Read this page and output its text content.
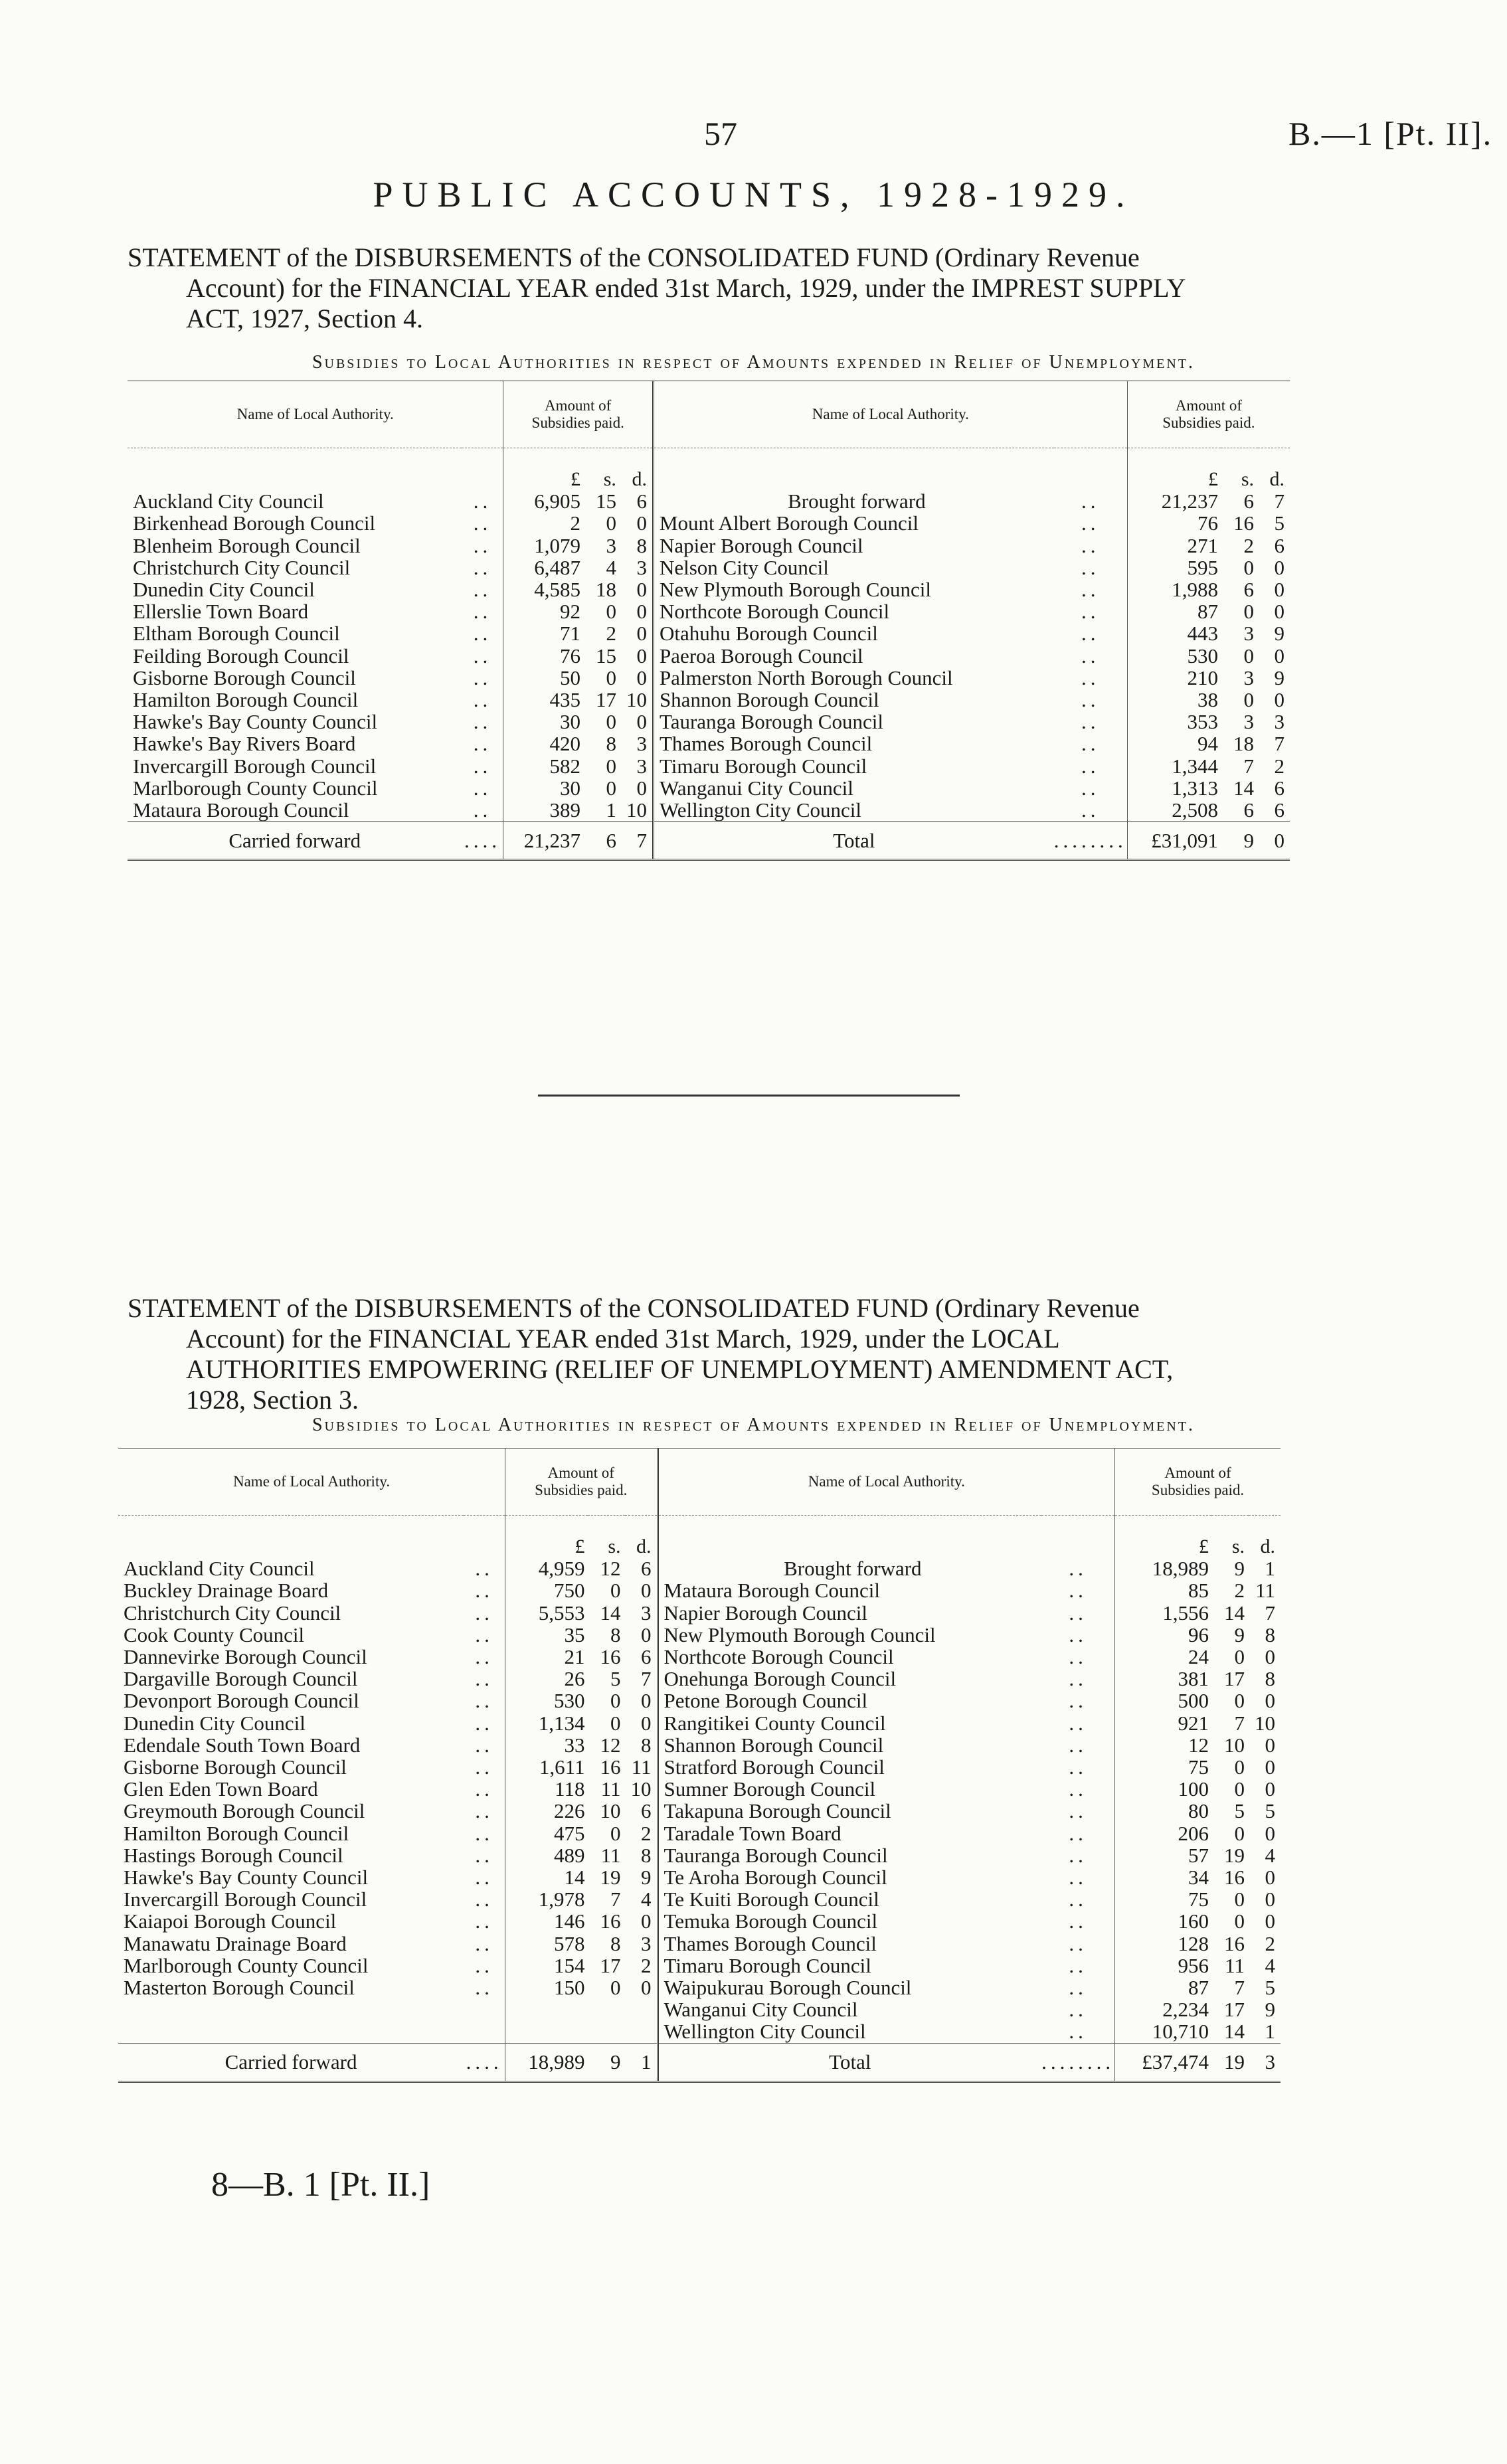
57	B.—1 [Pt. II].
PUBLIC ACCOUNTS, 1928-1929.
STATEMENT of the DISBURSEMENTS of the CONSOLIDATED FUND (Ordinary Revenue
Account) for the FINANCIAL YEAR ended 31st March, 1929, under the IMPREST SUPPLY
ACT, 1927, Section 4.
Subsidies to Local Authorities in respect of Amounts expended in Relief of Unemployment.
Name of Local Authority.		Amount of
Subsidies paid.			Name of Local Authority.		Amount of
Subsidies paid.		

		£	s.	d.			£	s.	d.
Auckland City Council	..	6,905	15	6	Brought forward	..	21,237	6	7
Birkenhead Borough Council	..	2	0	0	Mount Albert Borough Council	..	76	16	5
Blenheim Borough Council	..	1,079	3	8	Napier Borough Council	..	271	2	6
Christchurch City Council	..	6,487	4	3	Nelson City Council	..	595	0	0
Dunedin City Council	..	4,585	18	0	New Plymouth Borough Council	..	1,988	6	0
Ellerslie Town Board	..	92	0	0	Northcote Borough Council	..	87	0	0
Eltham Borough Council	..	71	2	0	Otahuhu Borough Council	..	443	3	9
Feilding Borough Council	..	76	15	0	Paeroa Borough Council	..	530	0	0
Gisborne Borough Council	..	50	0	0	Palmerston North Borough Council	..	210	3	9
Hamilton Borough Council	..	435	17	10	Shannon Borough Council	..	38	0	0
Hawke's Bay County Council	..	30	0	0	Tauranga Borough Council	..	353	3	3
Hawke's Bay Rivers Board	..	420	8	3	Thames Borough Council	..	94	18	7
Invercargill Borough Council	..	582	0	3	Timaru Borough Council	..	1,344	7	2
Marlborough County Council	..	30	0	0	Wanganui City Council	..	1,313	14	6
Mataura Borough Council	..	389	1	10	Wellington City Council	..	2,508	6	6
Carried forward	....	21,237	6	7	Total	........	£31,091	9	0
STATEMENT of the DISBURSEMENTS of the CONSOLIDATED FUND (Ordinary Revenue
Account) for the FINANCIAL YEAR ended 31st March, 1929, under the LOCAL
AUTHORITIES EMPOWERING (RELIEF OF UNEMPLOYMENT) AMENDMENT ACT,
1928, Section 3.
Subsidies to Local Authorities in respect of Amounts expended in Relief of Unemployment.
Name of Local Authority.		Amount of
Subsidies paid.			Name of Local Authority.		Amount of
Subsidies paid.		

		£	s.	d.			£	s.	d.
Auckland City Council	..	4,959	12	6	Brought forward	..	18,989	9	1
Buckley Drainage Board	..	750	0	0	Mataura Borough Council	..	85	2	11
Christchurch City Council	..	5,553	14	3	Napier Borough Council	..	1,556	14	7
Cook County Council	..	35	8	0	New Plymouth Borough Council	..	96	9	8
Dannevirke Borough Council	..	21	16	6	Northcote Borough Council	..	24	0	0
Dargaville Borough Council	..	26	5	7	Onehunga Borough Council	..	381	17	8
Devonport Borough Council	..	530	0	0	Petone Borough Council	..	500	0	0
Dunedin City Council	..	1,134	0	0	Rangitikei County Council	..	921	7	10
Edendale South Town Board	..	33	12	8	Shannon Borough Council	..	12	10	0
Gisborne Borough Council	..	1,611	16	11	Stratford Borough Council	..	75	0	0
Glen Eden Town Board	..	118	11	10	Sumner Borough Council	..	100	0	0
Greymouth Borough Council	..	226	10	6	Takapuna Borough Council	..	80	5	5
Hamilton Borough Council	..	475	0	2	Taradale Town Board	..	206	0	0
Hastings Borough Council	..	489	11	8	Tauranga Borough Council	..	57	19	4
Hawke's Bay County Council	..	14	19	9	Te Aroha Borough Council	..	34	16	0
Invercargill Borough Council	..	1,978	7	4	Te Kuiti Borough Council	..	75	0	0
Kaiapoi Borough Council	..	146	16	0	Temuka Borough Council	..	160	0	0
Manawatu Drainage Board	..	578	8	3	Thames Borough Council	..	128	16	2
Marlborough County Council	..	154	17	2	Timaru Borough Council	..	956	11	4
Masterton Borough Council	..	150	0	0	Waipukurau Borough Council	..	87	7	5
					Wanganui City Council	..	2,234	17	9
					Wellington City Council	..	10,710	14	1
Carried forward	....	18,989	9	1	Total	........	£37,474	19	3
8—B. 1 [Pt. II.]
